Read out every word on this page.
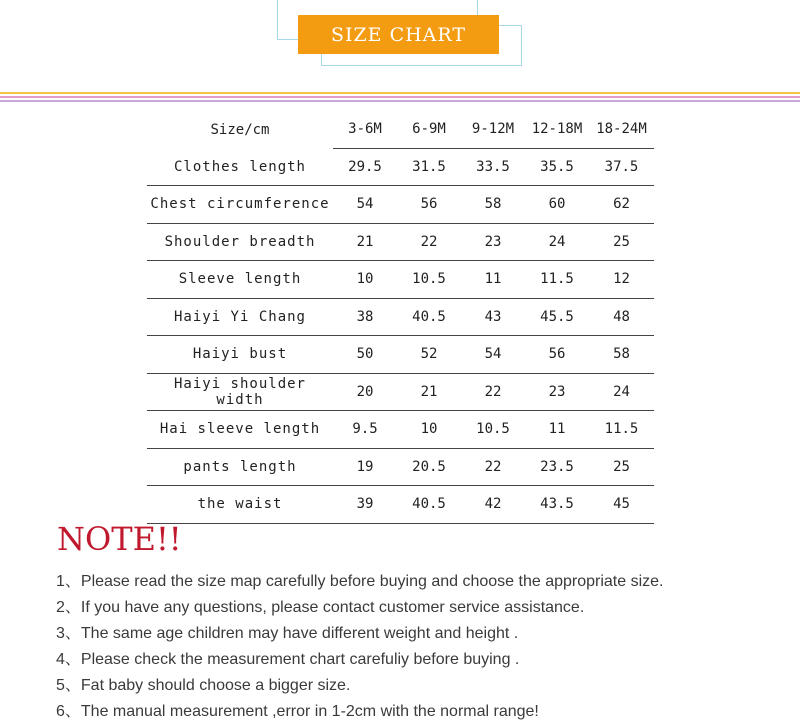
SIZE CHART
Size/cm	3-6M	6-9M	9-12M	12-18M	18-24M
Clothes length	29.5	31.5	33.5	35.5	37.5
Chest circumference	54	56	58	60	62
Shoulder breadth	21	22	23	24	25
Sleeve length	10	10.5	11	11.5	12
Haiyi Yi Chang	38	40.5	43	45.5	48
Haiyi bust	50	52	54	56	58
Haiyi shoulder width	20	21	22	23	24
Hai sleeve length	9.5	10	10.5	11	11.5
pants length	19	20.5	22	23.5	25
the waist	39	40.5	42	43.5	45
NOTE!!
1、Please read the size map carefully before buying and choose the appropriate size.
2、If you have any questions, please contact customer service assistance.
3、The same age children may have different weight and height .
4、Please check the measurement chart carefuliy before buying .
5、Fat baby should choose a bigger size.
6、The manual measurement ,error in 1-2cm with the normal range!
